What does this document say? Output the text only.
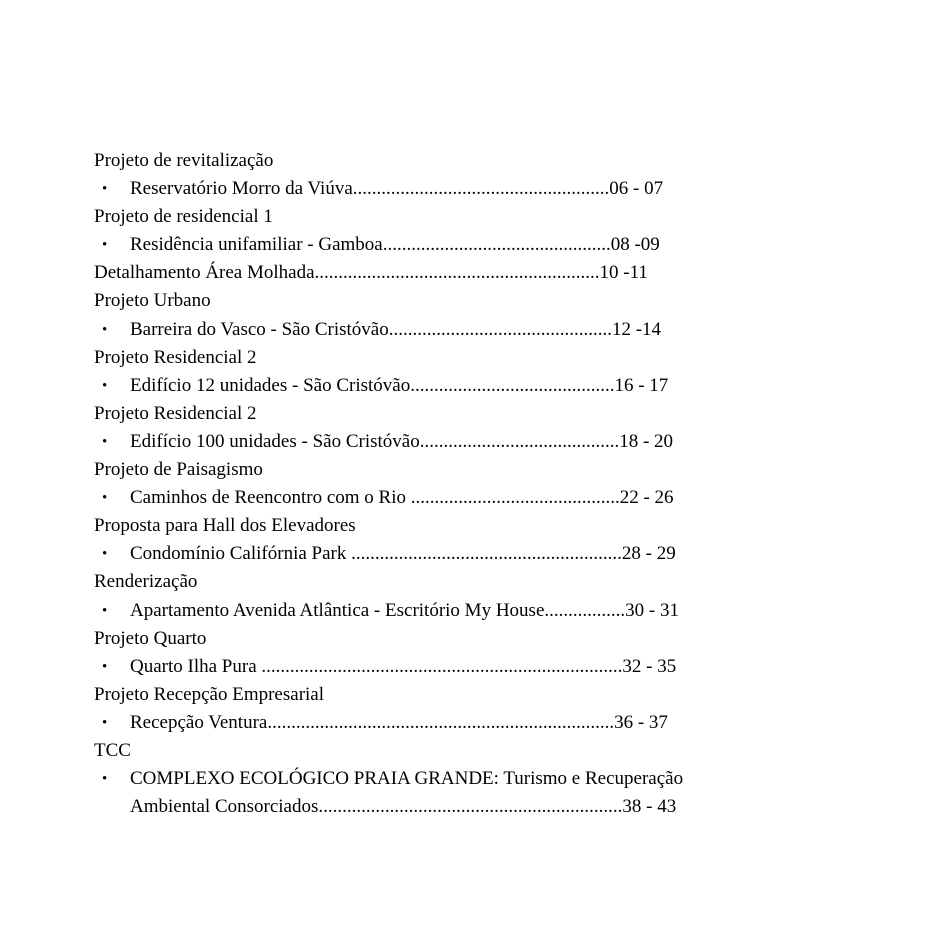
Projeto de revitalização
• Reservatório Morro da Viúva......................................................06 - 07
Projeto de residencial 1
• Residência unifamiliar - Gamboa................................................08 -09
Detalhamento Área Molhada............................................................10 -11
Projeto Urbano
• Barreira do Vasco - São Cristóvão...............................................12 -14
Projeto Residencial 2
• Edifício 12 unidades - São Cristóvão...........................................16 - 17
Projeto Residencial 2
• Edifício 100 unidades - São Cristóvão..........................................18 - 20
Projeto de Paisagismo
• Caminhos de Reencontro com o Rio ............................................22 - 26
Proposta para Hall dos Elevadores
• Condomínio Califórnia Park .........................................................28 - 29
Renderização
• Apartamento Avenida Atlântica - Escritório My House.................30 - 31
Projeto Quarto
• Quarto Ilha Pura ............................................................................32 - 35
Projeto Recepção Empresarial
• Recepção Ventura.........................................................................36 - 37
TCC
• COMPLEXO ECOLÓGICO PRAIA GRANDE: Turismo e Recuperação
Ambiental Consorciados................................................................38 - 43
